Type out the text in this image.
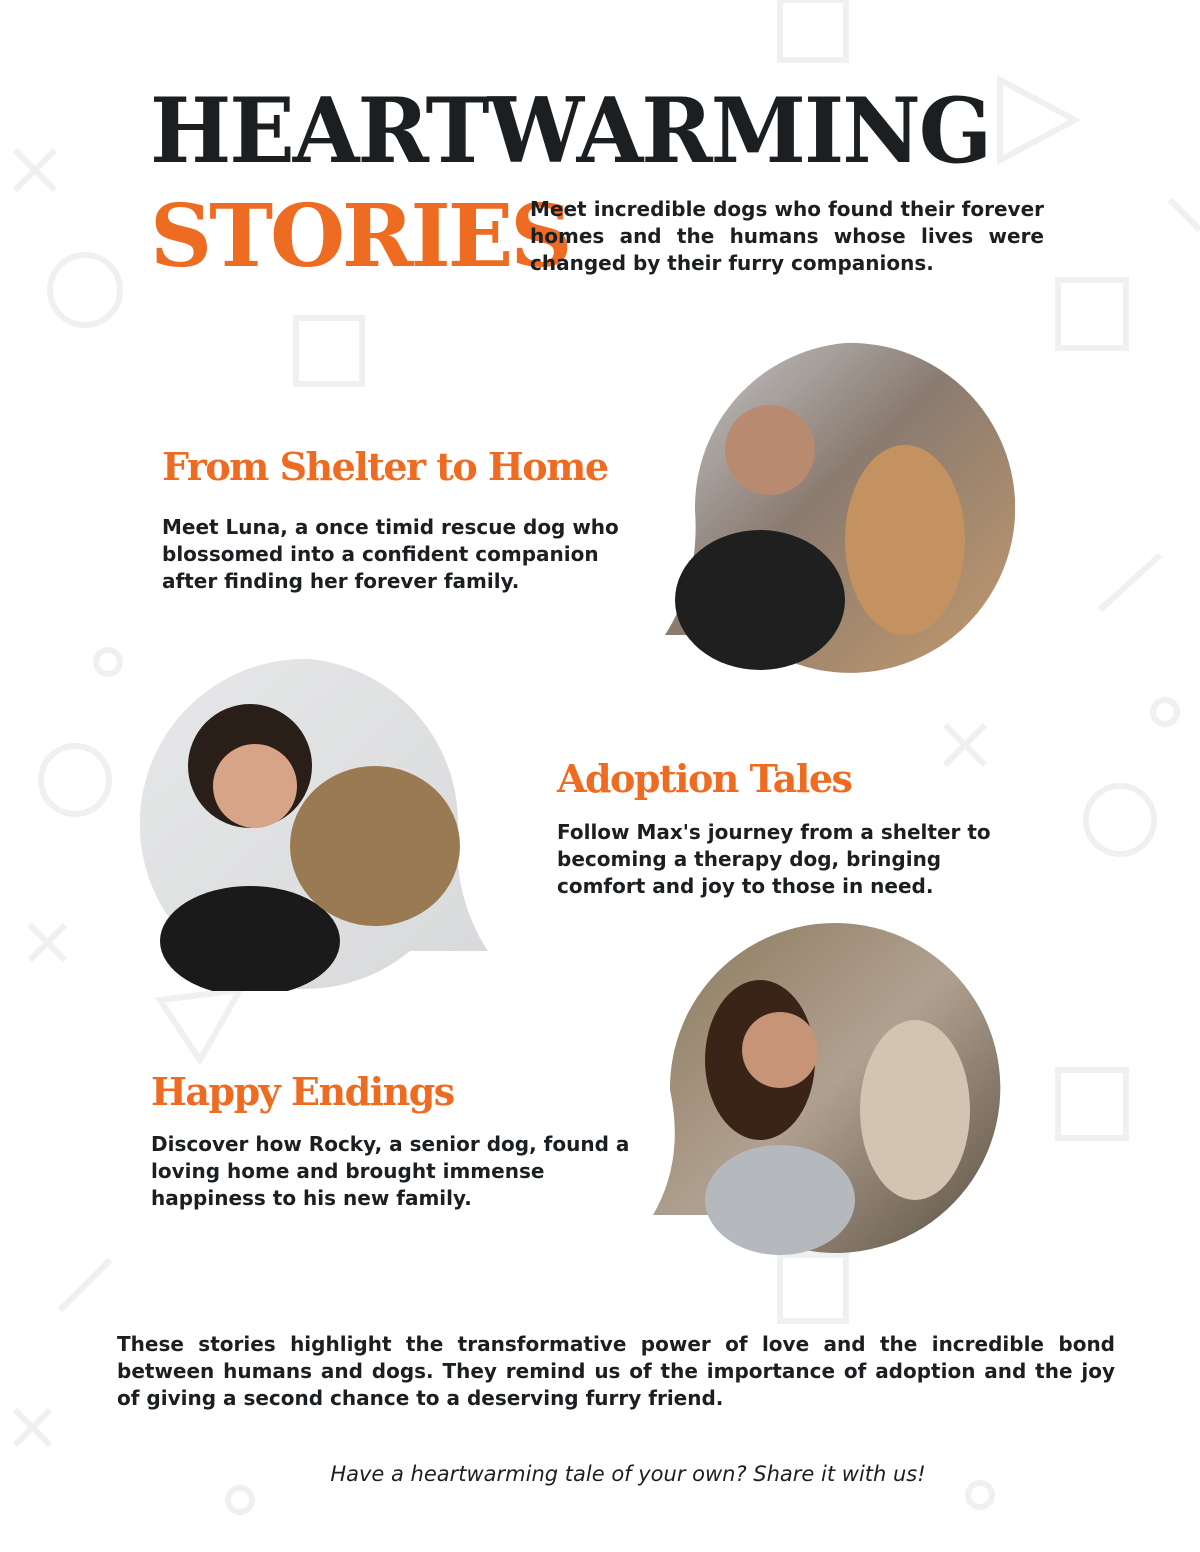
HEARTWARMING
STORIES
Meet incredible dogs who found their forever homes and the humans whose lives were changed by their furry companions.
From Shelter to Home
Meet Luna, a once timid rescue dog who blossomed into a confident companion after finding her forever family.
Adoption Tales
Follow Max's journey from a shelter to becoming a therapy dog, bringing comfort and joy to those in need.
Happy Endings
Discover how Rocky, a senior dog, found a loving home and brought immense happiness to his new family.
These stories highlight the transformative power of love and the incredible bond between humans and dogs. They remind us of the importance of adoption and the joy of giving a second chance to a deserving furry friend.
Have a heartwarming tale of your own? Share it with us!
